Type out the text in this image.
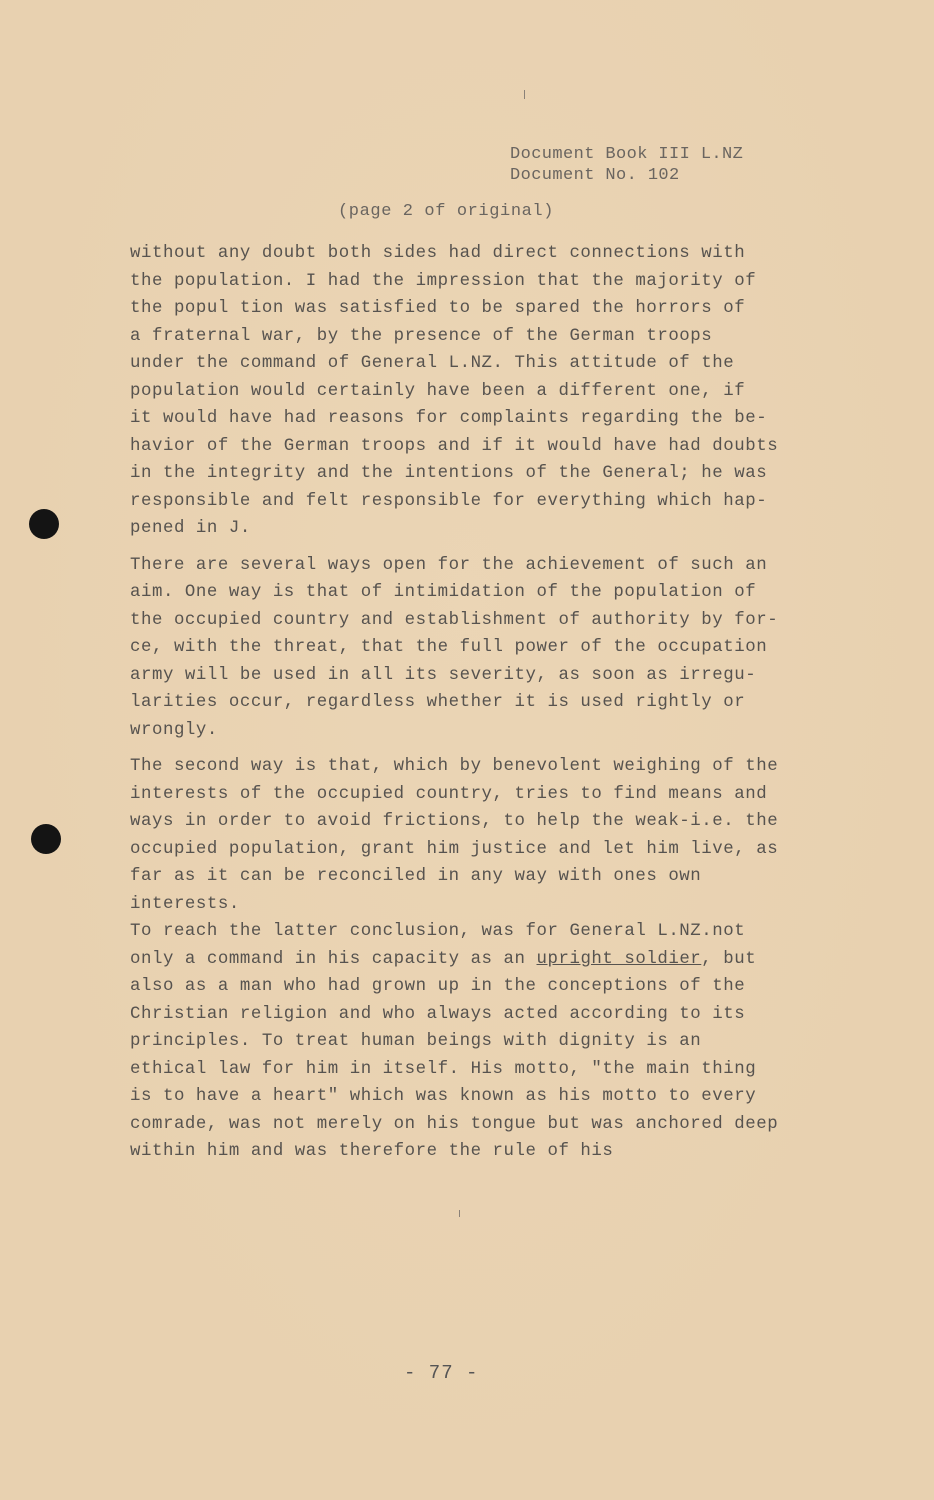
Document Book III L.NZ
Document No. 102
(page 2 of original)
without any doubt both sides had direct connections with
the population. I had the impression that the majority of
the popul tion was satisfied to be spared the horrors of
a fraternal war, by the presence of the German troops
under the command of General L.NZ. This attitude of the
population would certainly have been a different one, if
it would have had reasons for complaints regarding the be-
havior of the German troops and if it would have had doubts
in the integrity and the intentions of the General; he was
responsible and felt responsible for everything which hap-
pened in J.
There are several ways open for the achievement of such an
aim. One way is that of intimidation of the population of
the occupied country and establishment of authority by for-
ce, with the threat, that the full power of the occupation
army will be used in all its severity, as soon as irregu-
larities occur, regardless whether it is used rightly or
wrongly.
The second way is that, which by benevolent weighing of the
interests of the occupied country, tries to find means and
ways in order to avoid frictions, to help the weak-i.e. the
occupied population, grant him justice and let him live, as
far as it can be reconciled in any way with ones own
interests.
To reach the latter conclusion, was for General L.NZ.not
only a command in his capacity as an upright soldier, but
also as a man who had grown up in the conceptions of the
Christian religion and who always acted according to its
principles. To treat human beings with dignity is an
ethical law for him in itself. His motto, "the main thing
is to have a heart" which was known as his motto to every
comrade, was not merely on his tongue but was anchored deep
within him and was therefore the rule of his
- 77 -
